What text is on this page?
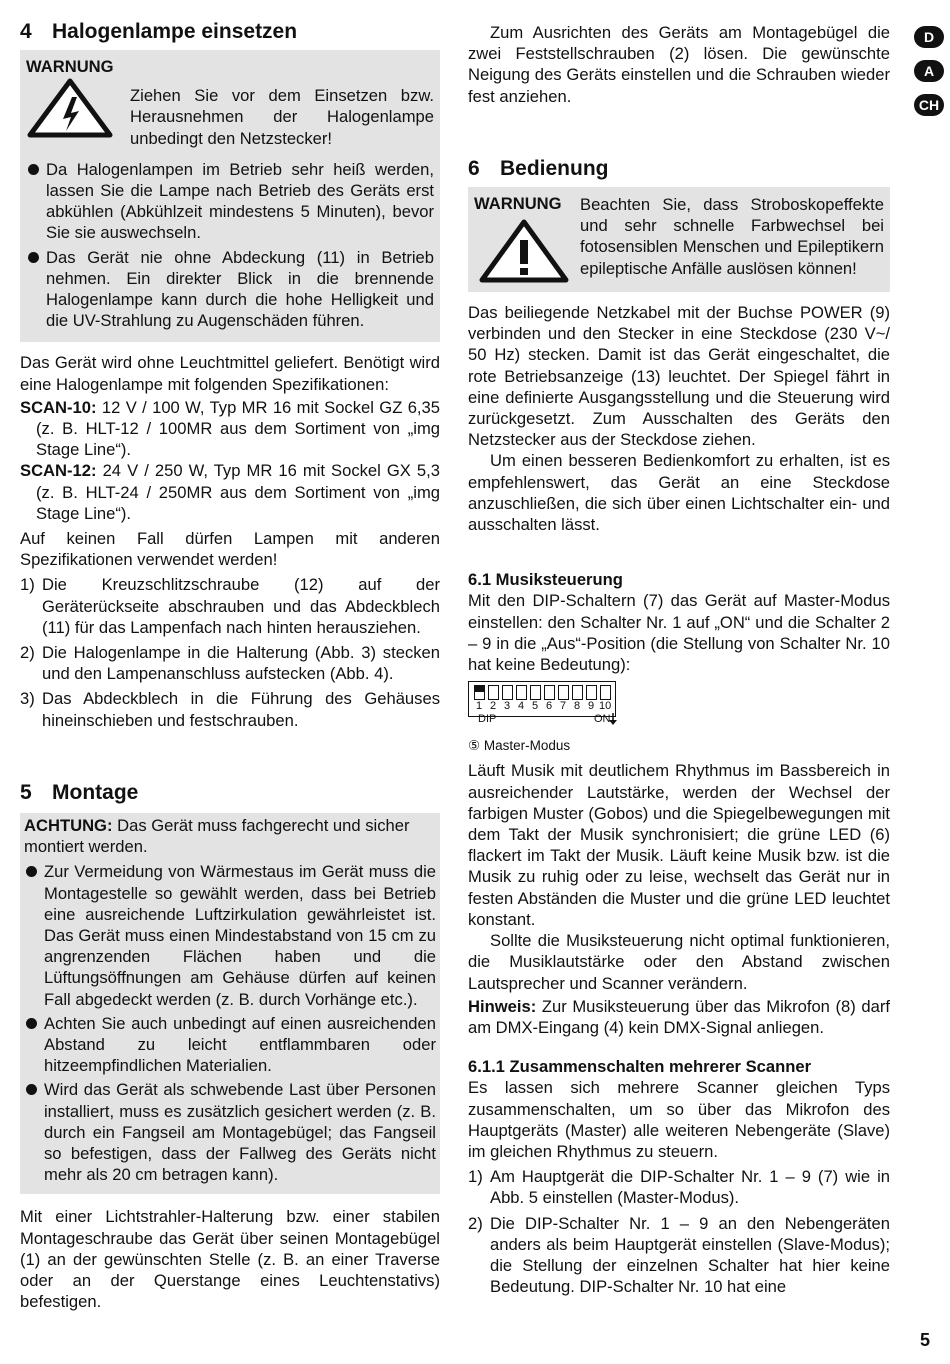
D
A
CH
4 Halogenlampe einsetzen
WARNUNG

Ziehen Sie vor dem Einsetzen bzw. Herausnehmen der Halogenlampe unbedingt den Netzstecker!

Da Halogenlampen im Betrieb sehr heiß werden, lassen Sie die Lampe nach Betrieb des Geräts erst abkühlen (Abkühlzeit mindestens 5 Minuten), bevor Sie sie auswechseln.
Das Gerät nie ohne Abdeckung (11) in Betrieb nehmen. Ein direkter Blick in die brennende Halogenlampe kann durch die hohe Helligkeit und die UV-Strahlung zu Augenschäden führen.

Das Gerät wird ohne Leuchtmittel geliefert. Benötigt wird eine Halogenlampe mit folgenden Spezifikationen:

SCAN-10: 12 V / 100 W, Typ MR 16 mit Sockel GZ 6,35 (z. B. HLT-12 / 100MR aus dem Sortiment von „img Stage Line“).

SCAN-12: 24 V / 250 W, Typ MR 16 mit Sockel GX 5,3 (z. B. HLT-24 / 250MR aus dem Sortiment von „img Stage Line“).

Auf keinen Fall dürfen Lampen mit anderen Spezifikationen verwendet werden!

1) Die Kreuzschlitzschraube (12) auf der Geräterückseite abschrauben und das Abdeckblech (11) für das Lampenfach nach hinten herausziehen.
2) Die Halogenlampe in die Halterung (Abb. 3) stecken und den Lampenanschluss aufstecken (Abb. 4).
3) Das Abdeckblech in die Führung des Gehäuses hineinschieben und festschrauben.
5 Montage

ACHTUNG: Das Gerät muss fachgerecht und sicher montiert werden.

Zur Vermeidung von Wärmestaus im Gerät muss die Montagestelle so gewählt werden, dass bei Betrieb eine ausreichende Luftzirkulation gewährleistet ist. Das Gerät muss einen Mindestabstand von 15 cm zu angrenzenden Flächen haben und die Lüftungsöffnungen am Gehäuse dürfen auf keinen Fall abgedeckt werden (z. B. durch Vorhänge etc.).
Achten Sie auch unbedingt auf einen ausreichenden Abstand zu leicht entflammbaren oder hitzeempfindlichen Materialien.
Wird das Gerät als schwebende Last über Personen installiert, muss es zusätzlich gesichert werden (z. B. durch ein Fangseil am Montagebügel; das Fangseil so befestigen, dass der Fallweg des Geräts nicht mehr als 20 cm betragen kann).

Mit einer Lichtstrahler-Halterung bzw. einer stabilen Montageschraube das Gerät über seinen Montagebügel (1) an der gewünschten Stelle (z. B. an einer Traverse oder an der Querstange eines Leuchtenstativs) befestigen.

Zum Ausrichten des Geräts am Montagebügel die zwei Feststellschrauben (2) lösen. Die gewünschte Neigung des Geräts einstellen und die Schrauben wieder fest anziehen.

6 Bedienung
WARNUNG	Beachten Sie, dass Stroboskopeffekte und sehr schnelle Farbwechsel bei fotosensiblen Menschen und Epileptikern epileptische Anfälle auslösen können!

Das beiliegende Netzkabel mit der Buchse POWER (9) verbinden und den Stecker in eine Steckdose (230 V~/ 50 Hz) stecken. Damit ist das Gerät eingeschaltet, die rote Betriebsanzeige (13) leuchtet. Der Spiegel fährt in eine definierte Ausgangsstellung und die Steuerung wird zurückgesetzt. Zum Ausschalten des Geräts den Netzstecker aus der Steckdose ziehen.

Um einen besseren Bedienkomfort zu erhalten, ist es empfehlenswert, das Gerät an eine Steckdose anzuschließen, die sich über einen Lichtschalter ein- und ausschalten lässt.

6.1 Musiksteuerung

Mit den DIP-Schaltern (7) das Gerät auf Master-Modus einstellen: den Schalter Nr. 1 auf „ON“ und die Schalter 2 – 9 in die „Aus“-Position (die Stellung von Schalter Nr. 10 hat keine Bedeutung):

DIP	ON
1 2 3 4 5 6 7 8 9 10
⑤ Master-Modus

Läuft Musik mit deutlichem Rhythmus im Bassbereich in ausreichender Lautstärke, werden der Wechsel der farbigen Muster (Gobos) und die Spiegelbewegungen mit dem Takt der Musik synchronisiert; die grüne LED (6) flackert im Takt der Musik. Läuft keine Musik bzw. ist die Musik zu ruhig oder zu leise, wechselt das Gerät nur in festen Abständen die Muster und die grüne LED leuchtet konstant.

Sollte die Musiksteuerung nicht optimal funktionieren, die Musiklautstärke oder den Abstand zwischen Lautsprecher und Scanner verändern.

Hinweis: Zur Musiksteuerung über das Mikrofon (8) darf am DMX-Eingang (4) kein DMX-Signal anliegen.

6.1.1 Zusammenschalten mehrerer Scanner

Es lassen sich mehrere Scanner gleichen Typs zusammenschalten, um so über das Mikrofon des Hauptgeräts (Master) alle weiteren Nebengeräte (Slave) im gleichen Rhythmus zu steuern.

1) Am Hauptgerät die DIP-Schalter Nr. 1 – 9 (7) wie in Abb. 5 einstellen (Master-Modus).
2) Die DIP-Schalter Nr. 1 – 9 an den Nebengeräten anders als beim Hauptgerät einstellen (Slave-Modus); die Stellung der einzelnen Schalter hat hier keine Bedeutung. DIP-Schalter Nr. 10 hat eine
5
